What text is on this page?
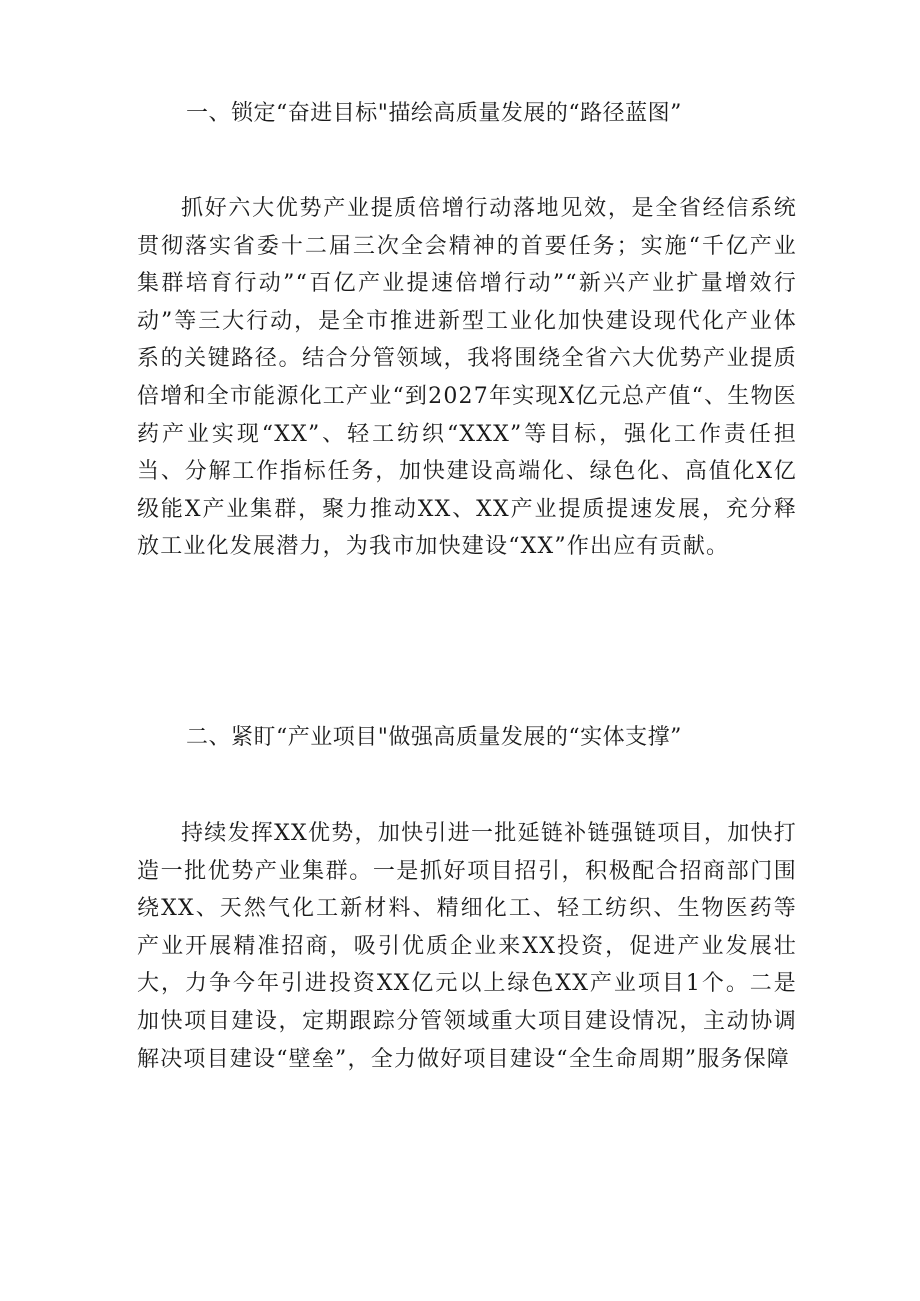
一、锁定“奋进目标"描绘高质量发展的“路径蓝图”
抓好六大优势产业提质倍增行动落地见效，是全省经信系统贯彻落实省委十二届三次全会精神的首要任务；实施“千亿产业集群培育行动”“百亿产业提速倍增行动”“新兴产业扩量增效行动”等三大行动，是全市推进新型工业化加快建设现代化产业体系的关键路径。结合分管领域，我将围绕全省六大优势产业提质倍增和全市能源化工产业“到2027年实现X亿元总产值“、生物医药产业实现“XX”、轻工纺织“XXX”等目标，强化工作责任担当、分解工作指标任务，加快建设高端化、绿色化、高值化X亿级能X产业集群，聚力推动XX、XX产业提质提速发展，充分释放工业化发展潜力，为我市加快建设“XX”作出应有贡献。
二、紧盯“产业项目"做强高质量发展的“实体支撑”
持续发挥XX优势，加快引进一批延链补链强链项目，加快打造一批优势产业集群。一是抓好项目招引，积极配合招商部门围绕XX、天然气化工新材料、精细化工、轻工纺织、生物医药等产业开展精准招商，吸引优质企业来XX投资，促进产业发展壮大，力争今年引进投资XX亿元以上绿色XX产业项目1个。二是加快项目建设，定期跟踪分管领域重大项目建设情况，主动协调解决项目建设“壁垒”，全力做好项目建设“全生命周期”服务保障
